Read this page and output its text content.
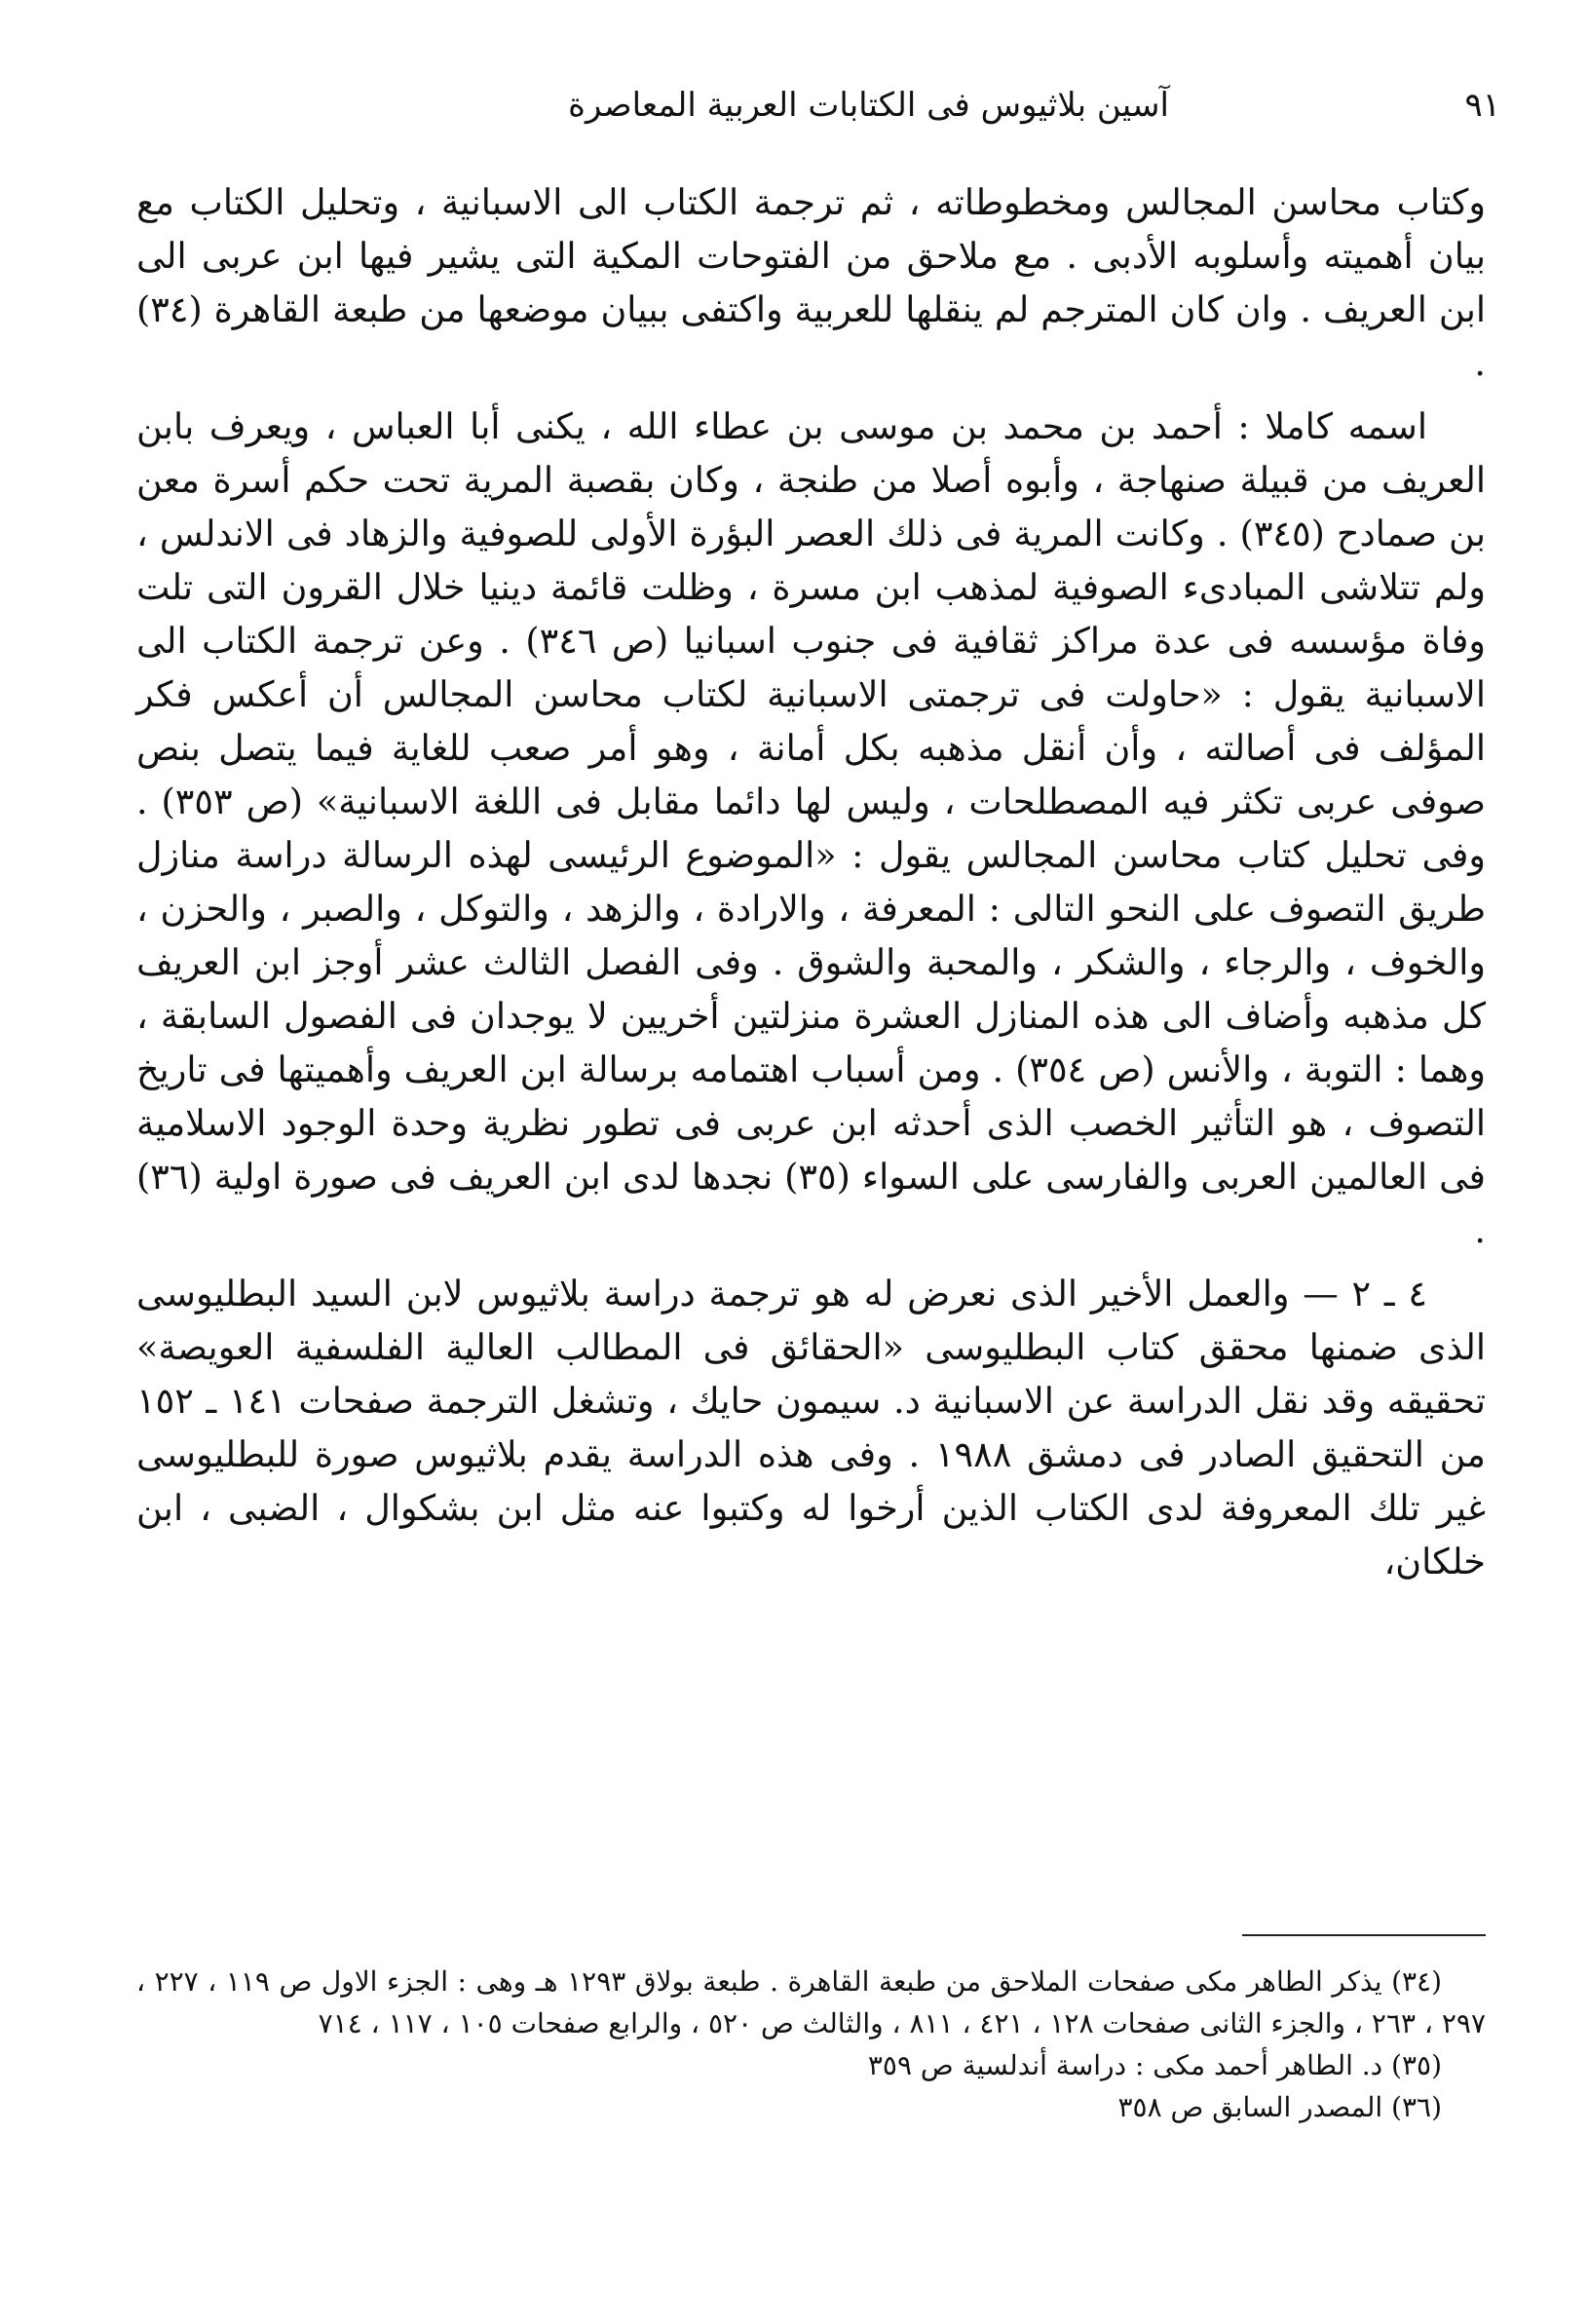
٩١
آسين بلاثيوس فى الكتابات العربية المعاصرة

وكتاب محاسن المجالس ومخطوطاته ، ثم ترجمة الكتاب الى الاسبانية ، وتحليل الكتاب مع بيان أهميته وأسلوبه الأدبى . مع ملاحق من الفتوحات المكية التى يشير فيها ابن عربى الى ابن العريف . وان كان المترجم لم ينقلها للعربية واكتفى ببيان موضعها من طبعة القاهرة (٣٤) .

اسمه كاملا : أحمد بن محمد بن موسى بن عطاء الله ، يكنى أبا العباس ، ويعرف بابن العريف من قبيلة صنهاجة ، وأبوه أصلا من طنجة ، وكان بقصبة المرية تحت حكم أسرة معن بن صمادح (٣٤٥) . وكانت المرية فى ذلك العصر البؤرة الأولى للصوفية والزهاد فى الاندلس ، ولم تتلاشى المبادىء الصوفية لمذهب ابن مسرة ، وظلت قائمة دينيا خلال القرون التى تلت وفاة مؤسسه فى عدة مراكز ثقافية فى جنوب اسبانيا (ص ٣٤٦) . وعن ترجمة الكتاب الى الاسبانية يقول : «حاولت فى ترجمتى الاسبانية لكتاب محاسن المجالس أن أعكس فكر المؤلف فى أصالته ، وأن أنقل مذهبه بكل أمانة ، وهو أمر صعب للغاية فيما يتصل بنص صوفى عربى تكثر فيه المصطلحات ، وليس لها دائما مقابل فى اللغة الاسبانية» (ص ٣٥٣) . وفى تحليل كتاب محاسن المجالس يقول : «الموضوع الرئيسى لهذه الرسالة دراسة منازل طريق التصوف على النحو التالى : المعرفة ، والارادة ، والزهد ، والتوكل ، والصبر ، والحزن ، والخوف ، والرجاء ، والشكر ، والمحبة والشوق . وفى الفصل الثالث عشر أوجز ابن العريف كل مذهبه وأضاف الى هذه المنازل العشرة منزلتين أخريين لا يوجدان فى الفصول السابقة ، وهما : التوبة ، والأنس (ص ٣٥٤) . ومن أسباب اهتمامه برسالة ابن العريف وأهميتها فى تاريخ التصوف ، هو التأثير الخصب الذى أحدثه ابن عربى فى تطور نظرية وحدة الوجود الاسلامية فى العالمين العربى والفارسى على السواء (٣٥) نجدها لدى ابن العريف فى صورة اولية (٣٦) .

٤ ـ ٢ — والعمل الأخير الذى نعرض له هو ترجمة دراسة بلاثيوس لابن السيد البطليوسى الذى ضمنها محقق كتاب البطليوسى «الحقائق فى المطالب العالية الفلسفية العويصة» تحقيقه وقد نقل الدراسة عن الاسبانية د. سيمون حايك ، وتشغل الترجمة صفحات ١٤١ ـ ١٥٢ من التحقيق الصادر فى دمشق ١٩٨٨ . وفى هذه الدراسة يقدم بلاثيوس صورة للبطليوسى غير تلك المعروفة لدى الكتاب الذين أرخوا له وكتبوا عنه مثل ابن بشكوال ، الضبى ، ابن خلكان،

(٣٤) يذكر الطاهر مكى صفحات الملاحق من طبعة القاهرة . طبعة بولاق ١٢٩٣ هـ وهى : الجزء الاول ص ١١٩ ، ٢٢٧ ، ٢٩٧ ، ٢٦٣ ، والجزء الثانى صفحات ١٢٨ ، ٤٢١ ، ٨١١ ، والثالث ص ٥٢٠ ، والرابع صفحات ١٠٥ ، ١١٧ ، ٧١٤

(٣٥) د. الطاهر أحمد مكى : دراسة أندلسية ص ٣٥٩

(٣٦) المصدر السابق ص ٣٥٨
